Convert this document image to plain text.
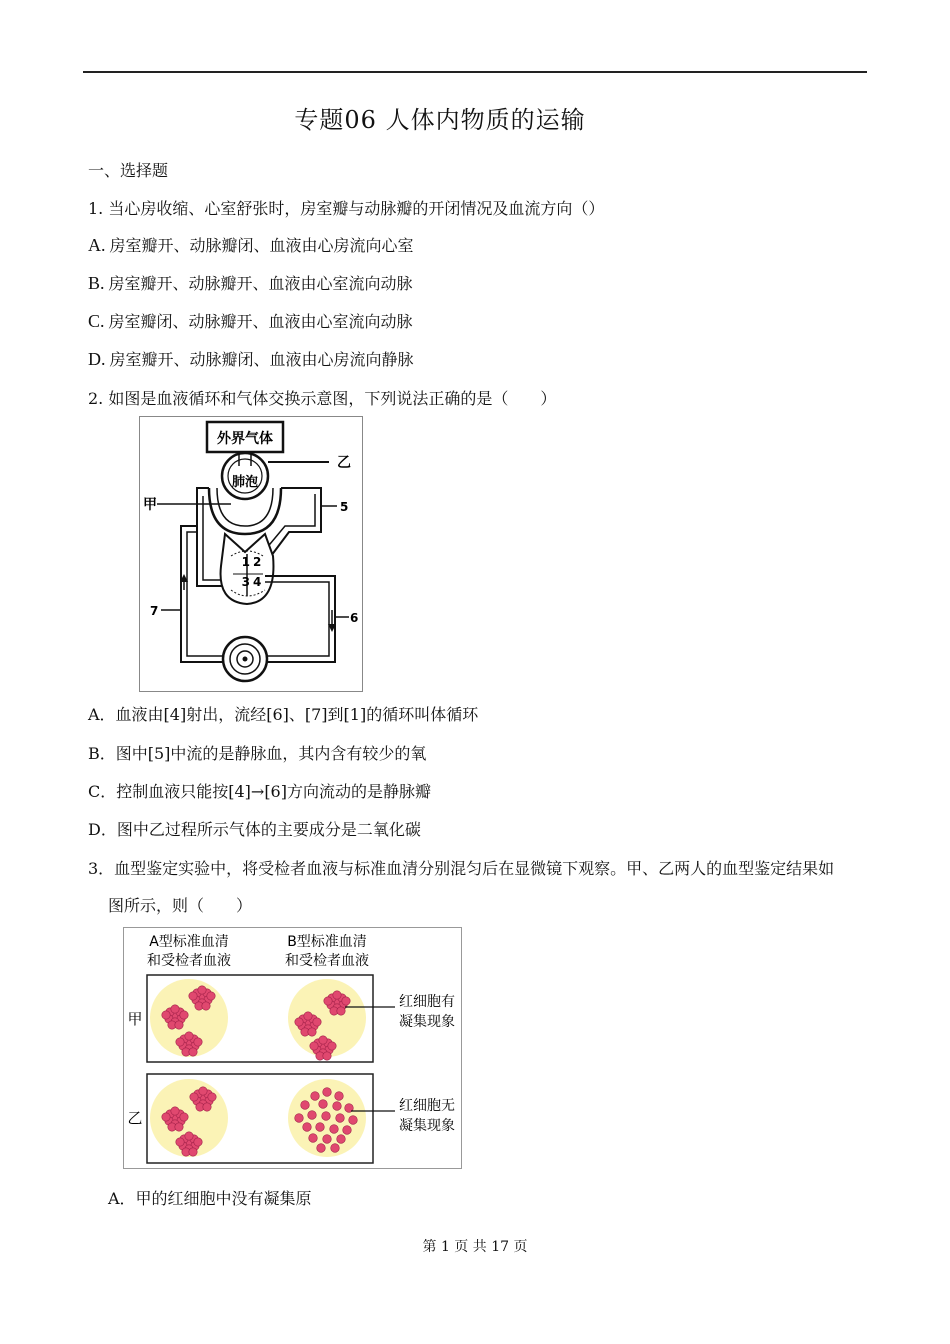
专题06 人体内物质的运输
一、选择题
1. 当心房收缩、心室舒张时，房室瓣与动脉瓣的开闭情况及血流方向（）
A. 房室瓣开、动脉瓣闭、血液由心房流向心室
B. 房室瓣开、动脉瓣开、血液由心室流向动脉
C. 房室瓣闭、动脉瓣开、血液由心室流向动脉
D. 房室瓣开、动脉瓣闭、血液由心房流向静脉
2. 如图是血液循环和气体交换示意图，下列说法正确的是（　　）
外界气体
肺泡
乙
5
甲
1 2
3 4
6
7
A．血液由[4]射出，流经[6]、[7]到[1]的循环叫体循环
B．图中[5]中流的是静脉血，其内含有较少的氧
C．控制血液只能按[4]→[6]方向流动的是静脉瓣
D．图中乙过程所示气体的主要成分是二氧化碳
3．血型鉴定实验中，将受检者血液与标准血清分别混匀后在显微镜下观察。甲、乙两人的血型鉴定结果如
图所示，则（　　）
A型标准血清
和受检者血液
B型标准血清
和受检者血液
甲
乙
红细胞有
凝集现象
红细胞无
凝集现象
A．甲的红细胞中没有凝集原
第 1 页 共 17 页
